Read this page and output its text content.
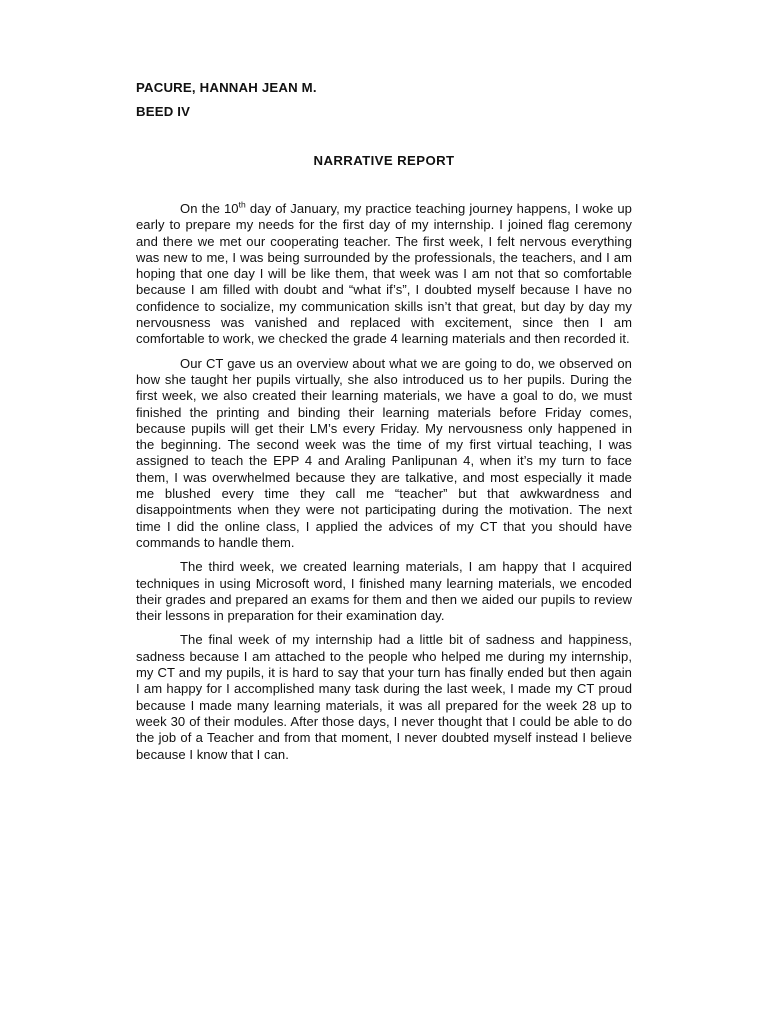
PACURE, HANNAH JEAN M.

BEED IV

NARRATIVE REPORT

On the 10th day of January, my practice teaching journey happens, I woke up early to prepare my needs for the first day of my internship. I joined flag ceremony and there we met our cooperating teacher. The first week, I felt nervous everything was new to me, I was being surrounded by the professionals, the teachers, and I am hoping that one day I will be like them, that week was I am not that so comfortable because I am filled with doubt and “what if’s”, I doubted myself because I have no confidence to socialize, my communication skills isn’t that great, but day by day my nervousness was vanished and replaced with excitement, since then I am comfortable to work, we checked the grade 4 learning materials and then recorded it.

Our CT gave us an overview about what we are going to do, we observed on how she taught her pupils virtually, she also introduced us to her pupils. During the first week, we also created their learning materials, we have a goal to do, we must finished the printing and binding their learning materials before Friday comes, because pupils will get their LM’s every Friday. My nervousness only happened in the beginning. The second week was the time of my first virtual teaching, I was assigned to teach the EPP 4 and Araling Panlipunan 4, when it’s my turn to face them, I was overwhelmed because they are talkative, and most especially it made me blushed every time they call me “teacher” but that awkwardness and disappointments when they were not participating during the motivation. The next time I did the online class, I applied the advices of my CT that you should have commands to handle them.

The third week, we created learning materials, I am happy that I acquired techniques in using Microsoft word, I finished many learning materials, we encoded their grades and prepared an exams for them and then we aided our pupils to review their lessons in preparation for their examination day.

The final week of my internship had a little bit of sadness and happiness, sadness because I am attached to the people who helped me during my internship, my CT and my pupils, it is hard to say that your turn has finally ended but then again I am happy for I accomplished many task during the last week, I made my CT proud because I made many learning materials, it was all prepared for the week 28 up to week 30 of their modules. After those days, I never thought that I could be able to do the job of a Teacher and from that moment, I never doubted myself instead I believe because I know that I can.
